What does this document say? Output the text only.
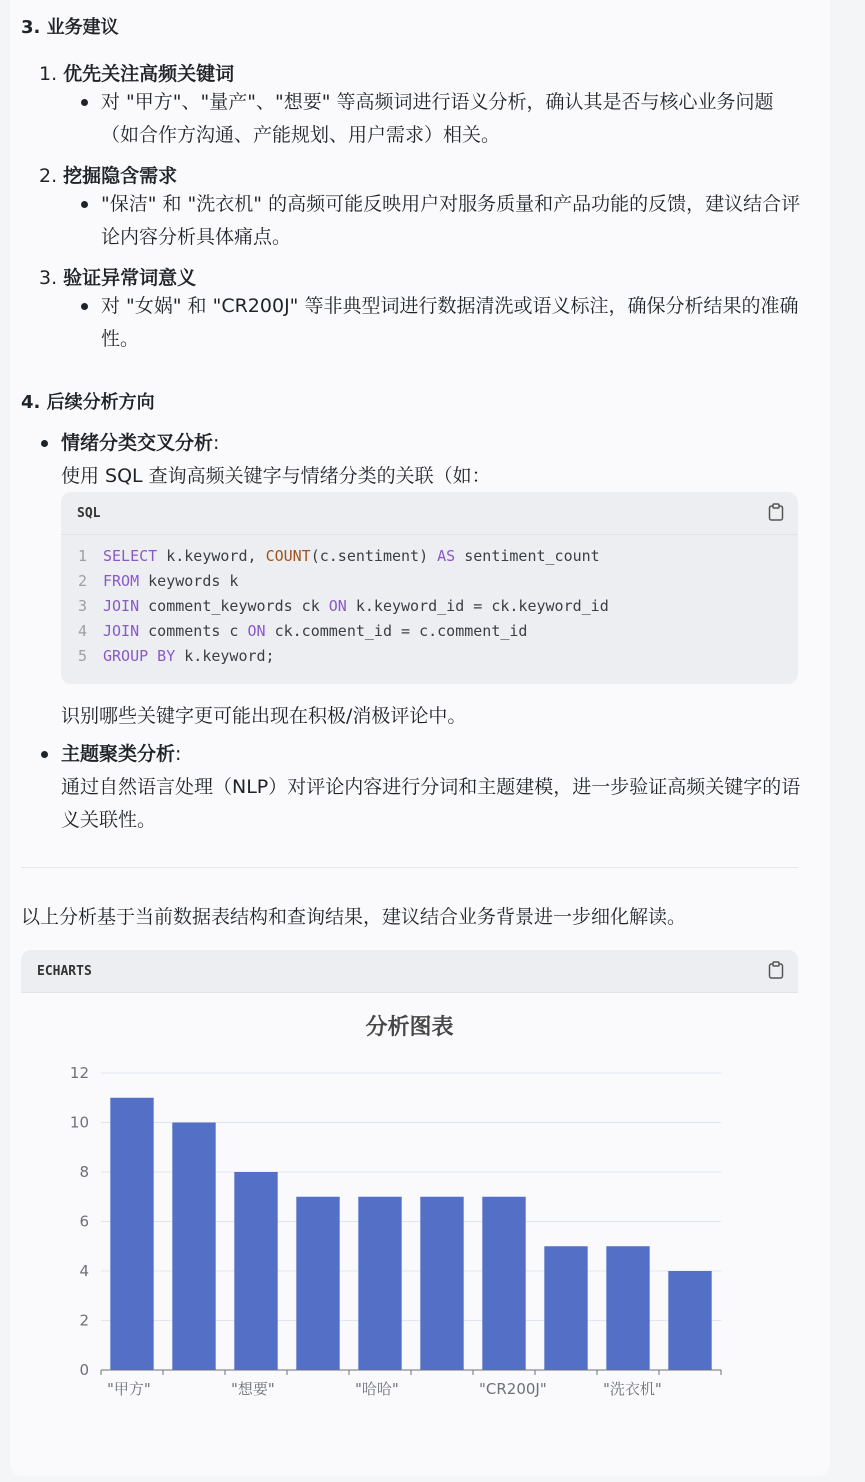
3. 业务建议
1. 优先关注高频关键词
对 "甲方"、"量产"、"想要" 等高频词进行语义分析，确认其是否与核心业务问题（如合作方沟通、产能规划、用户需求）相关。
2. 挖掘隐含需求
"保洁" 和 "洗衣机" 的高频可能反映用户对服务质量和产品功能的反馈，建议结合评论内容分析具体痛点。
3. 验证异常词意义
对 "女娲" 和 "CR200J" 等非典型词进行数据清洗或语义标注，确保分析结果的准确性。
4. 后续分析方向
情绪分类交叉分析:
使用 SQL 查询高频关键字与情绪分类的关联（如：
SQL
1 SELECT k.keyword, COUNT(c.sentiment) AS sentiment_count
2 FROM keywords k
3 JOIN comment_keywords ck ON k.keyword_id = ck.keyword_id
4 JOIN comments c ON ck.comment_id = c.comment_id
5 GROUP BY k.keyword;
识别哪些关键字更可能出现在积极/消极评论中。
主题聚类分析:
通过自然语言处理（NLP）对评论内容进行分词和主题建模，进一步验证高频关键字的语义关联性。
以上分析基于当前数据表结构和查询结果，建议结合业务背景进一步细化解读。
ECHARTS
分析图表
0
2
4
6
8
10
12
"甲方"	"想要"	"哈哈"	"CR200J"	"洗衣机"
